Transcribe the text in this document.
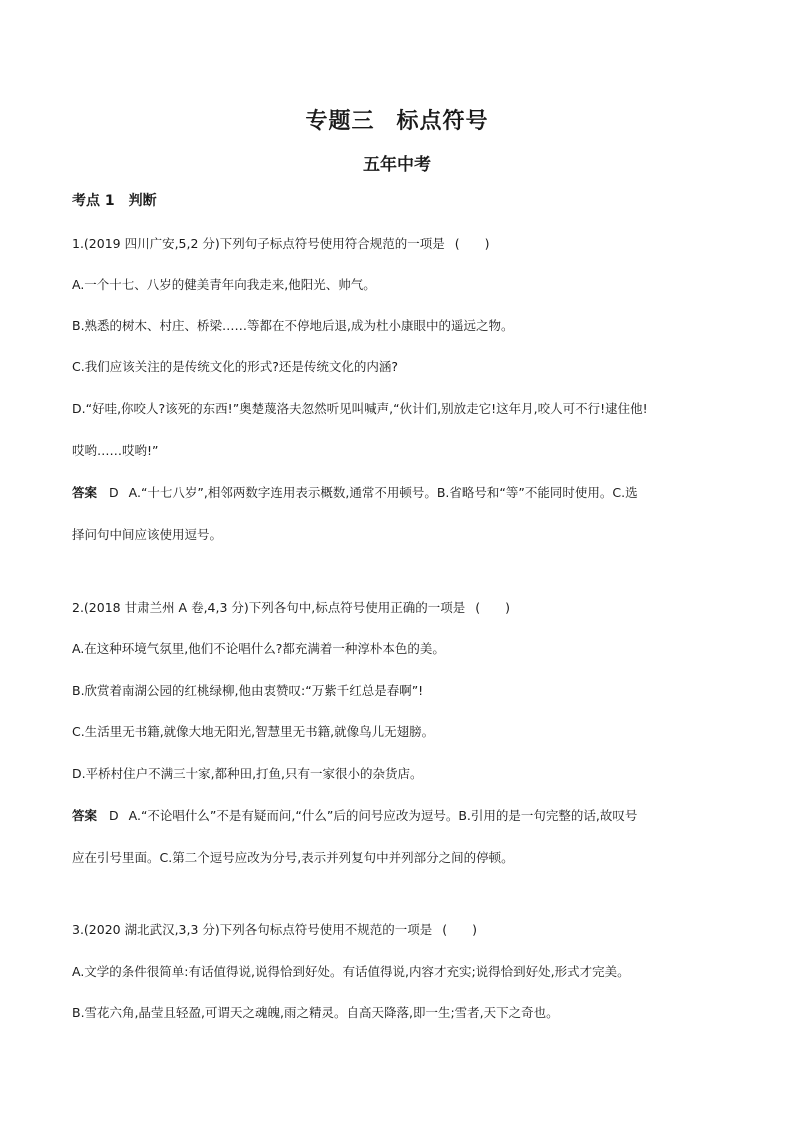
专题三 标点符号
五年中考
考点 1 判断
1.(2019 四川广安,5,2 分)下列句子标点符号使用符合规范的一项是 (　　)
A.一个十七、八岁的健美青年向我走来,他阳光、帅气。
B.熟悉的树木、村庄、桥梁……等都在不停地后退,成为杜小康眼中的遥远之物。
C.我们应该关注的是传统文化的形式?还是传统文化的内涵?
D.“好哇,你咬人?该死的东西!”奥楚蔑洛夫忽然听见叫喊声,“伙计们,别放走它!这年月,咬人可不行!逮住他!
哎哟……哎哟!”
答案 D A.“十七八岁”,相邻两数字连用表示概数,通常不用顿号。B.省略号和“等”不能同时使用。C.选
择问句中间应该使用逗号。
2.(2018 甘肃兰州 A 卷,4,3 分)下列各句中,标点符号使用正确的一项是 (　　)
A.在这种环境气氛里,他们不论唱什么?都充满着一种淳朴本色的美。
B.欣赏着南湖公园的红桃绿柳,他由衷赞叹:“万紫千红总是春啊”!
C.生活里无书籍,就像大地无阳光,智慧里无书籍,就像鸟儿无翅膀。
D.平桥村住户不满三十家,都种田,打鱼,只有一家很小的杂货店。
答案 D A.“不论唱什么”不是有疑而问,“什么”后的问号应改为逗号。B.引用的是一句完整的话,故叹号
应在引号里面。C.第二个逗号应改为分号,表示并列复句中并列部分之间的停顿。
3.(2020 湖北武汉,3,3 分)下列各句标点符号使用不规范的一项是 (　　)
A.文学的条件很简单:有话值得说,说得恰到好处。有话值得说,内容才充实;说得恰到好处,形式才完美。
B.雪花六角,晶莹且轻盈,可谓天之魂魄,雨之精灵。自高天降落,即一生;雪者,天下之奇也。
